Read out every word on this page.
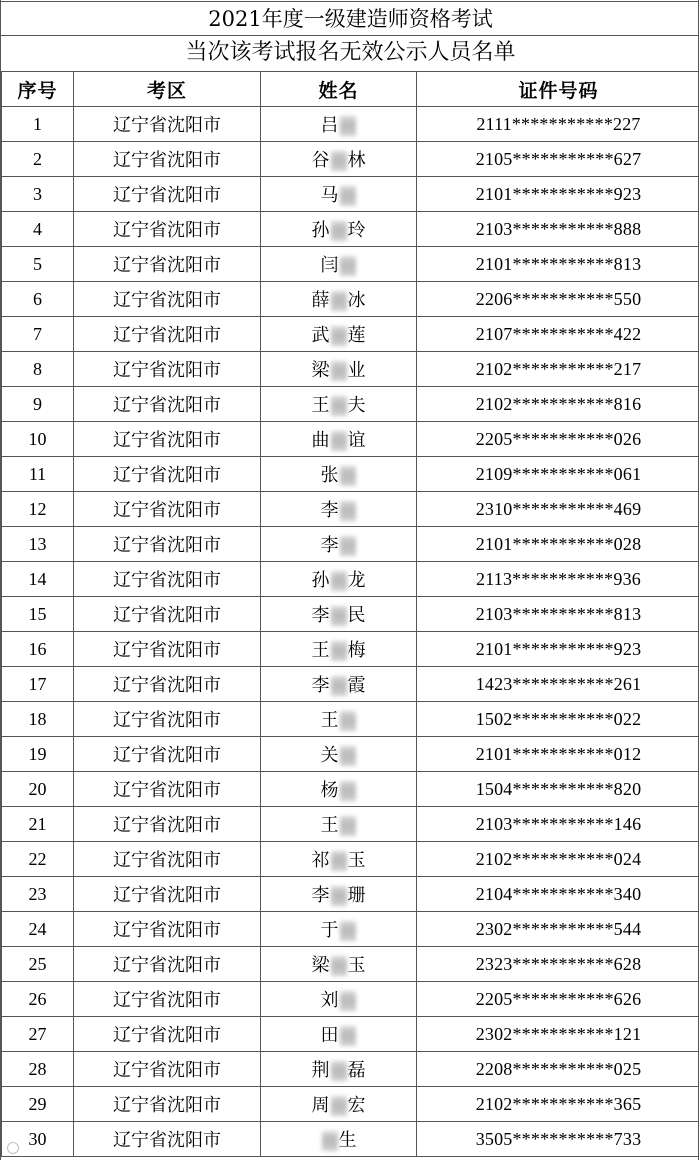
2021年度一级建造师资格考试
当次该考试报名无效公示人员名单
序号	考区	姓名	证件号码
1	辽宁省沈阳市	吕	2111***********227
2	辽宁省沈阳市	谷 林	2105***********627
3	辽宁省沈阳市	马	2101***********923
4	辽宁省沈阳市	孙 玲	2103***********888
5	辽宁省沈阳市	闫	2101***********813
6	辽宁省沈阳市	薛 冰	2206***********550
7	辽宁省沈阳市	武 莲	2107***********422
8	辽宁省沈阳市	梁 业	2102***********217
9	辽宁省沈阳市	王 夫	2102***********816
10	辽宁省沈阳市	曲 谊	2205***********026
11	辽宁省沈阳市	张	2109***********061
12	辽宁省沈阳市	李	2310***********469
13	辽宁省沈阳市	李	2101***********028
14	辽宁省沈阳市	孙 龙	2113***********936
15	辽宁省沈阳市	李 民	2103***********813
16	辽宁省沈阳市	王 梅	2101***********923
17	辽宁省沈阳市	李 霞	1423***********261
18	辽宁省沈阳市	王	1502***********022
19	辽宁省沈阳市	关	2101***********012
20	辽宁省沈阳市	杨	1504***********820
21	辽宁省沈阳市	王	2103***********146
22	辽宁省沈阳市	祁 玉	2102***********024
23	辽宁省沈阳市	李 珊	2104***********340
24	辽宁省沈阳市	于	2302***********544
25	辽宁省沈阳市	梁 玉	2323***********628
26	辽宁省沈阳市	刘	2205***********626
27	辽宁省沈阳市	田	2302***********121
28	辽宁省沈阳市	荆 磊	2208***********025
29	辽宁省沈阳市	周 宏	2102***********365
30	辽宁省沈阳市	生	3505***********733
